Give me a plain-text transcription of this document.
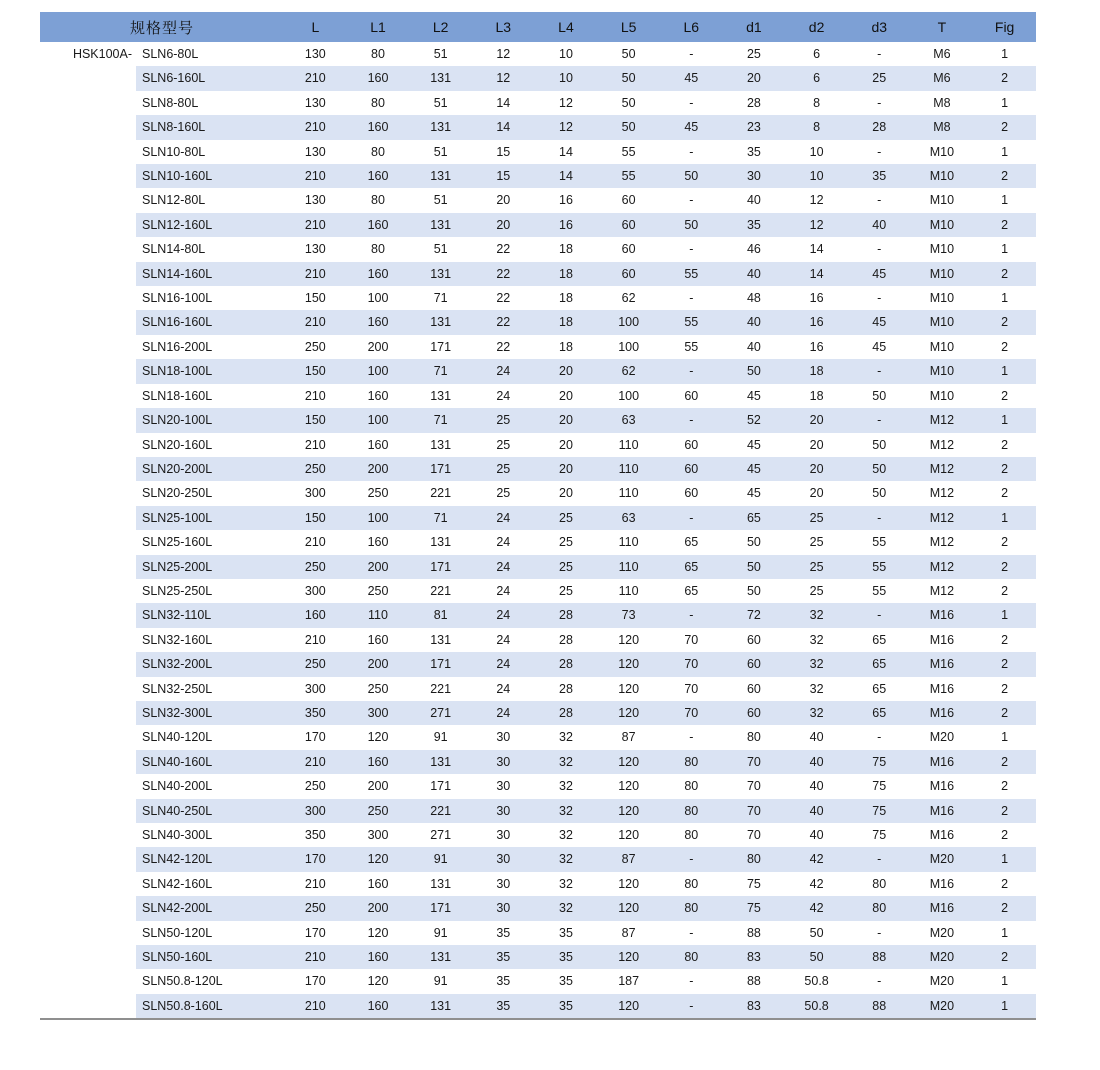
规格型号		L	L1	L2	L3	L4	L5	L6	d1	d2	d3	T	Fig
HSK100A-	SLN6-80L	130	80	51	12	10	50	-	25	6	-	M6	1
	SLN6-160L	210	160	131	12	10	50	45	20	6	25	M6	2
	SLN8-80L	130	80	51	14	12	50	-	28	8	-	M8	1
	SLN8-160L	210	160	131	14	12	50	45	23	8	28	M8	2
	SLN10-80L	130	80	51	15	14	55	-	35	10	-	M10	1
	SLN10-160L	210	160	131	15	14	55	50	30	10	35	M10	2
	SLN12-80L	130	80	51	20	16	60	-	40	12	-	M10	1
	SLN12-160L	210	160	131	20	16	60	50	35	12	40	M10	2
	SLN14-80L	130	80	51	22	18	60	-	46	14	-	M10	1
	SLN14-160L	210	160	131	22	18	60	55	40	14	45	M10	2
	SLN16-100L	150	100	71	22	18	62	-	48	16	-	M10	1
	SLN16-160L	210	160	131	22	18	100	55	40	16	45	M10	2
	SLN16-200L	250	200	171	22	18	100	55	40	16	45	M10	2
	SLN18-100L	150	100	71	24	20	62	-	50	18	-	M10	1
	SLN18-160L	210	160	131	24	20	100	60	45	18	50	M10	2
	SLN20-100L	150	100	71	25	20	63	-	52	20	-	M12	1
	SLN20-160L	210	160	131	25	20	110	60	45	20	50	M12	2
	SLN20-200L	250	200	171	25	20	110	60	45	20	50	M12	2
	SLN20-250L	300	250	221	25	20	110	60	45	20	50	M12	2
	SLN25-100L	150	100	71	24	25	63	-	65	25	-	M12	1
	SLN25-160L	210	160	131	24	25	110	65	50	25	55	M12	2
	SLN25-200L	250	200	171	24	25	110	65	50	25	55	M12	2
	SLN25-250L	300	250	221	24	25	110	65	50	25	55	M12	2
	SLN32-110L	160	110	81	24	28	73	-	72	32	-	M16	1
	SLN32-160L	210	160	131	24	28	120	70	60	32	65	M16	2
	SLN32-200L	250	200	171	24	28	120	70	60	32	65	M16	2
	SLN32-250L	300	250	221	24	28	120	70	60	32	65	M16	2
	SLN32-300L	350	300	271	24	28	120	70	60	32	65	M16	2
	SLN40-120L	170	120	91	30	32	87	-	80	40	-	M20	1
	SLN40-160L	210	160	131	30	32	120	80	70	40	75	M16	2
	SLN40-200L	250	200	171	30	32	120	80	70	40	75	M16	2
	SLN40-250L	300	250	221	30	32	120	80	70	40	75	M16	2
	SLN40-300L	350	300	271	30	32	120	80	70	40	75	M16	2
	SLN42-120L	170	120	91	30	32	87	-	80	42	-	M20	1
	SLN42-160L	210	160	131	30	32	120	80	75	42	80	M16	2
	SLN42-200L	250	200	171	30	32	120	80	75	42	80	M16	2
	SLN50-120L	170	120	91	35	35	87	-	88	50	-	M20	1
	SLN50-160L	210	160	131	35	35	120	80	83	50	88	M20	2
	SLN50.8-120L	170	120	91	35	35	187	-	88	50.8	-	M20	1
	SLN50.8-160L	210	160	131	35	35	120	-	83	50.8	88	M20	1
